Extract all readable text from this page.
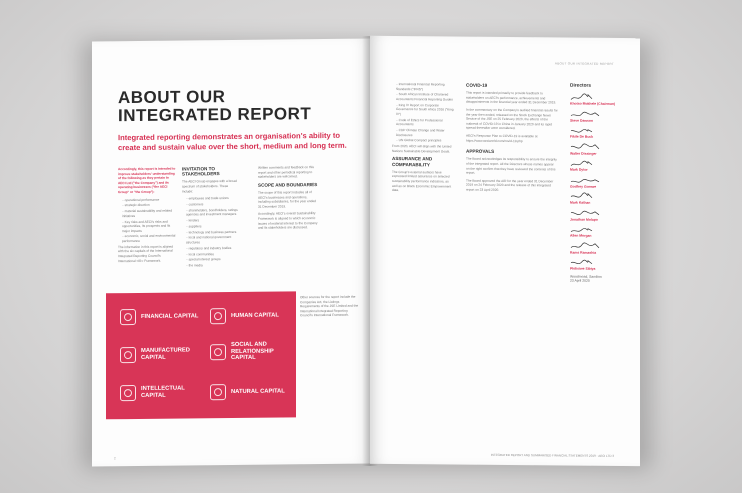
ABOUT OUR
INTEGRATED REPORT
Integrated reporting demonstrates an organisation's ability to create and sustain value over the short, medium and long term.

Accordingly, this report is intended to improve stakeholders' understanding of the following as they pertain to AECI Ltd ("the Company") and its operating businesses ("the AECI Group" or "the Group"):

– operational performance
– strategic direction
– material sustainability and related initiatives
– Key risks and AECI's risks and opportunities, its prospects and its major impacts
– economic, social and environmental performance

The information in this report is aligned with the six capitals of the International Integrated Reporting Council's International <IR> Framework.

INVITATION TO STAKEHOLDERS

The AECI Group engages with a broad spectrum of stakeholders. These include:

– employees and trade unions
– customers
– shareholders, bondholders, ratings agencies and investment managers
– lenders
– suppliers
– technology and business partners
– local and national government structures
– regulatory and industry bodies
– local communities
– special interest groups
– the media

Written comments and feedback on this report and other periodical reporting to stakeholders are welcomed.

SCOPE AND BOUNDARIES

The scope of this report includes all of AECI's businesses and operations, including subsidiaries, for the year ended 31 December 2019.

Accordingly, AECI's overall Sustainability Framework is aligned to which economic issues of material interest to the Company and its stakeholders are discussed.

FINANCIAL CAPITAL	HUMAN CAPITAL
MANUFACTURED CAPITAL
SOCIAL AND RELATIONSHIP CAPITAL
INTELLECTUAL CAPITAL
NATURAL CAPITAL

Other sources for the report include the Companies Act, the Listings Requirements of the JSE Limited and the International Integrated Reporting Council's International Framework.

2
ABOUT OUR INTEGRATED REPORT
– International Financial Reporting Standards ("IFRS")
– South African Institute of Chartered Accountants Financial Reporting Guides
– King IV Report on Corporate Governance for South Africa 2016 ("King IV")
– Code of Ethics for Professional Accountants
– CDP Climate Change and Water Disclosures
– UN Global Compact principles

From 2020, AECI will align with the United Nations Sustainable Development Goals.

ASSURANCE AND COMPARABILITY

The Group's external auditors have expressed limited assurance on selected sustainability performance indicators, as well as on Black Economic Empowerment data.

COVID-19

This report is intended primarily to provide feedback to stakeholders on AECI's performance, achievements and disappointments in the financial year ended 31 December 2019.

In the commentary on the Company's audited financial results for the year then ended, released on the Stock Exchange News Service of the JSE on 25 February 2020, the effects of the outbreak of COVID-19 in China in January 2020 and its rapid spread thereafter were considered.

AECI's Response Plan to COVID-19 is available at https://www.aeciworld.com/covid-19.php

APPROVALS

The Board acknowledges its responsibility to ensure the integrity of the integrated report. All the Directors whose names appear on the right confirm that they have reviewed the contents of this report.

The Board approved the AIR for the year ended 31 December 2019 on 24 February 2020 and the release of this integrated report on 23 April 2020.

Directors
Khotso Mokhele (Chairman)
Steve Dawson
Fikile De Buck
Walter Dissinger
Mark Dytor
Godfrey Gomwe
Mark Kathan
Jonathan Molapo
Allen Morgan
Rams Ramashia
Philisiwe Sibiya
Woodmead, Sandton
23 April 2020
INTEGRATED REPORT AND SUMMARISED FINANCIAL STATEMENTS 2019 · AECI LTD 3
